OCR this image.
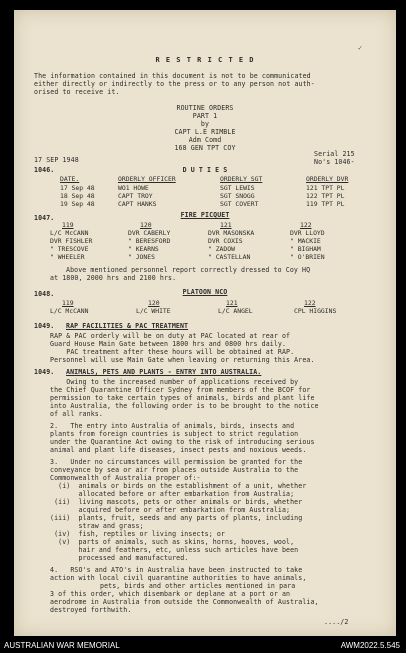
R E S T R I C T E D
✓
The information contained in this document is not to be communicated
either directly or indirectly to the press or to any person not auth-
orised to receive it.
ROUTINE ORDERS
PART 1
by
CAPT L.E RIMBLE
Adm Comd
168 GEN TPT COY
17 SEP 1948
Serial 215
No's 1046-
1046.	D U T I E S
DATE.	ORDERLY OFFICER	ORDERLY SGT	ORDERLY DVR
17 Sep 48	WO1 HOWE	SGT LEWIS	121 TPT PL
18 Sep 48	CAPT TROY	SGT SNOGG	122 TPT PL
19 Sep 48	CAPT HANKS	SGT COVERT	119 TPT PL
1047.	FIRE PICQUET
119	120	121	122
L/C McCANN	DVR CABERLY	DVR MASONSKA	DVR LLOYD
DVR FISHLER	" BERESFORD	DVR COXIS	" MACKIE
" TRESCOVE	" KEARNS	" ZADOW	" BIGHAM
" WHEELER	" JONES	" CASTELLAN	" O'BRIEN
Above mentioned personnel report correctly dressed to Coy HQ
at 1800, 2000 hrs and 2100 hrs.
1048.	PLATOON NCO
119	120	121	122
L/C McCANN	L/C WHITE	L/C ANGEL	CPL HIGGINS
1049. RAP FACILITIES & PAC TREATMENT
RAP & PAC orderly will be on duty at PAC located at rear of
Guard House Main Gate between 1800 hrs and 0800 hrs daily.
PAC treatment after these hours will be obtained at RAP.
Personnel will use Main Gate when leaving or returning this Area.
1049. ANIMALS, PETS AND PLANTS - ENTRY INTO AUSTRALIA.
Owing to the increased number of applications received by
the Chief Quarantine Officer Sydney from members of the BCOF for
permission to take certain types of animals, birds and plant life
into Australia, the following order is to be brought to the notice
of all ranks.
2.   The entry into Australia of animals, birds, insects and
plants from foreign countries is subject to strict regulation
under the Quarantine Act owing to the risk of introducing serious
animal and plant life diseases, insect pests and noxious weeds.
3.   Under no circumstances will permission be granted for the
conveyance by sea or air from places outside Australia to the
Commonwealth of Australia proper of:-
(i)  animals or birds on the establishment of a unit, whether
allocated before or after embarkation from Australia;
(ii)  living mascots, pets or other animals or birds, whether
acquired before or after embarkation from Australia;
(iii)  plants, fruit, seeds and any parts of plants, including
straw and grass;
(iv)  fish, reptiles or living insects; or
(v)  parts of animals, such as skins, horns, hooves, wool,
hair and feathers, etc, unless such articles have been
processed and manufactured.
4.   RSO's and ATO's in Australia have been instructed to take
action with local civil quarantine authorities to have animals,
pets, birds and other articles mentioned in para
3 of this order, which disembark or deplane at a port or an
aerodrome in Australia from outside the Commonwealth of Australia,
destroyed forthwith.
..../2
AUSTRALIAN WAR MEMORIAL	AWM2022.5.545
